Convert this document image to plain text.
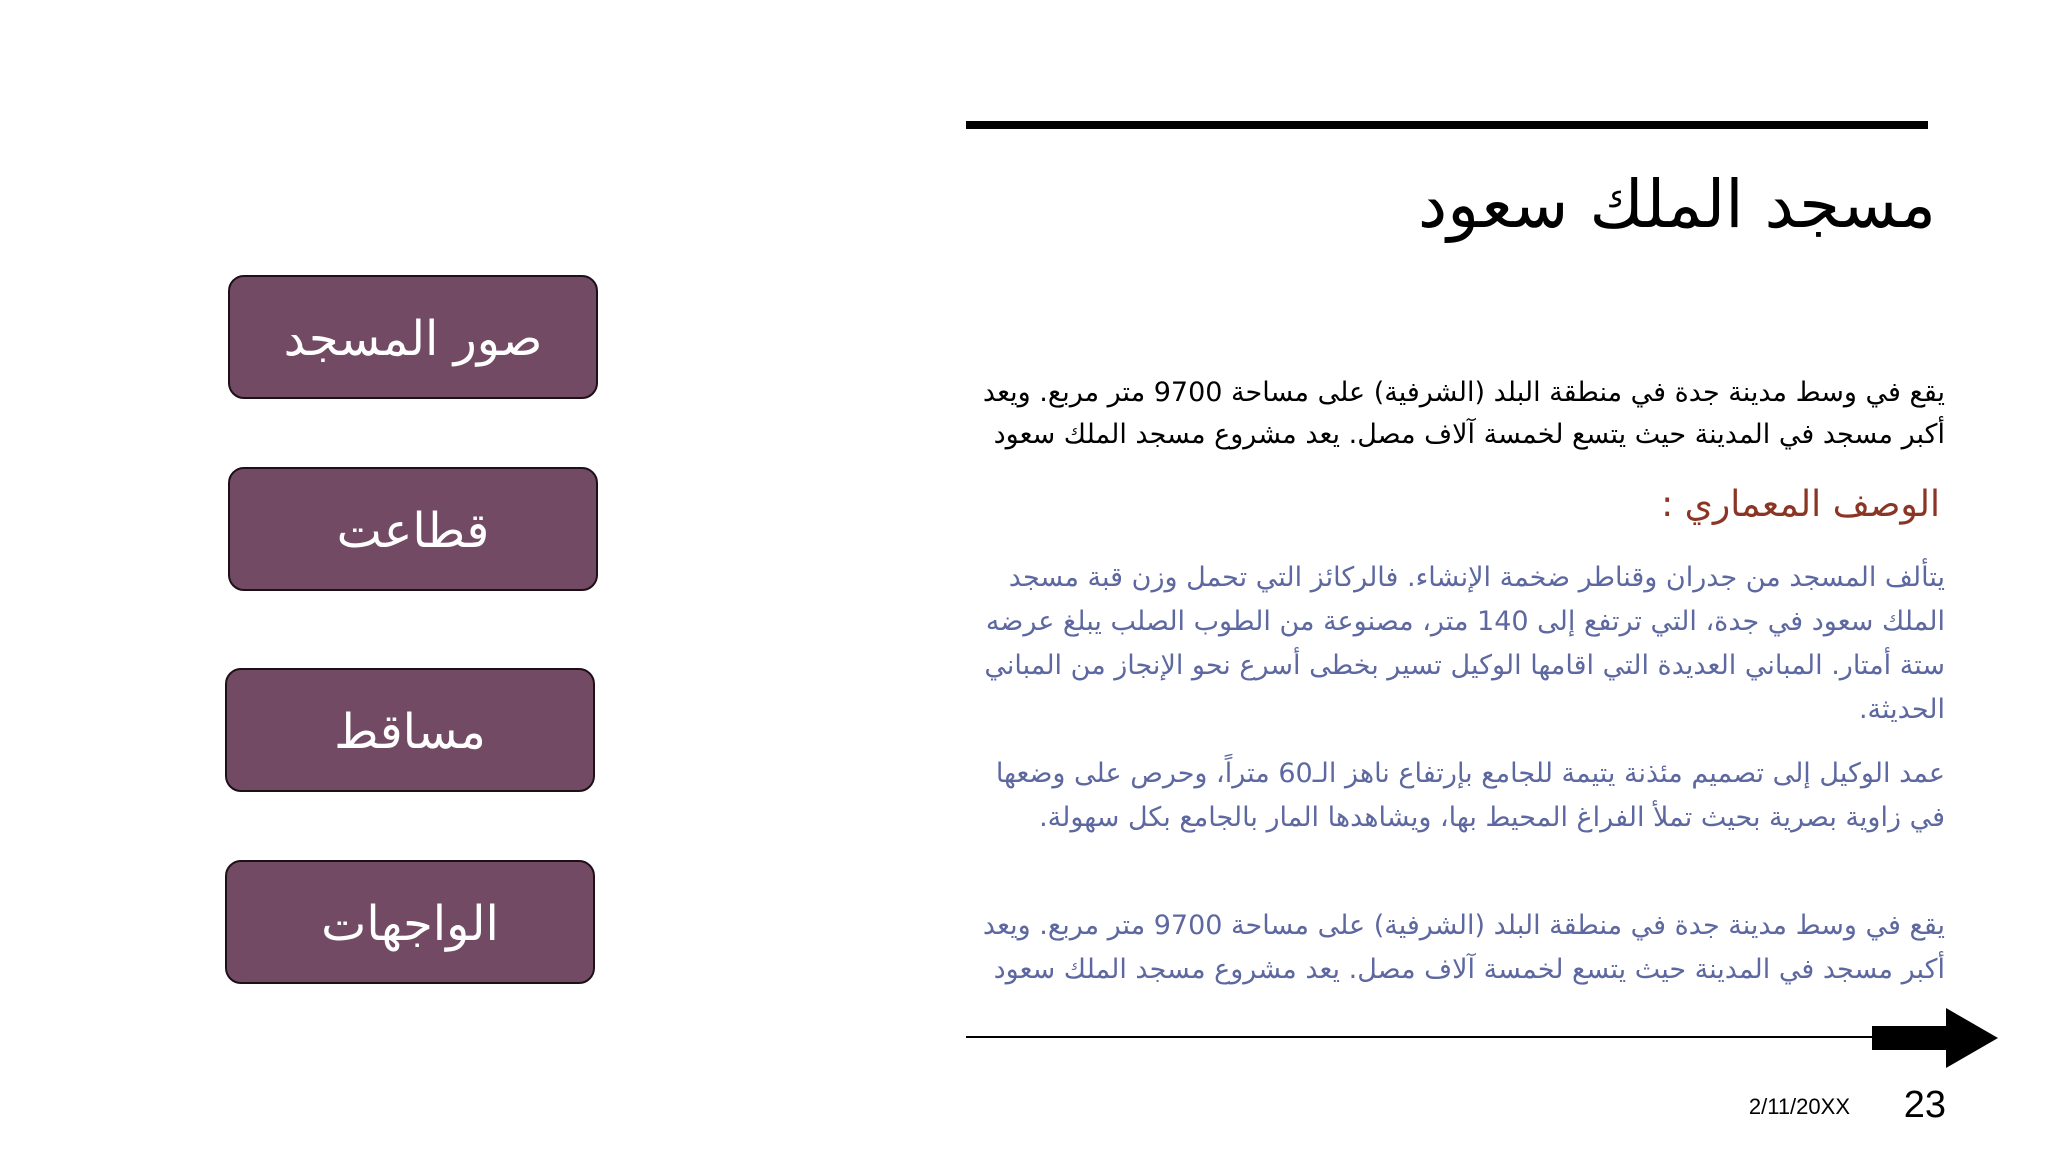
مسجد الملك سعود
صور المسجد
قطاعت
مساقط
الواجهات
يقع في وسط مدينة جدة في منطقة البلد (الشرفية) على مساحة 9700 متر مربع. ويعد أكبر مسجد في المدينة حيث يتسع لخمسة آلاف مصل. يعد مشروع مسجد الملك سعود
الوصف المعماري :
يتألف المسجد من جدران وقناطر ضخمة الإنشاء. فالركائز التي تحمل وزن قبة مسجد الملك سعود في جدة، التي ترتفع إلى 140 متر، مصنوعة من الطوب الصلب يبلغ عرضه ستة أمتار. المباني العديدة التي اقامها الوكيل تسير بخطى أسرع نحو الإنجاز من المباني الحديثة.
عمد الوكيل إلى تصميم مئذنة يتيمة للجامع بإرتفاع ناهز الـ60 متراً، وحرص على وضعها في زاوية بصرية بحيث تملأ الفراغ المحيط بها، ويشاهدها المار بالجامع بكل سهولة.
يقع في وسط مدينة جدة في منطقة البلد (الشرفية) على مساحة 9700 متر مربع. ويعد أكبر مسجد في المدينة حيث يتسع لخمسة آلاف مصل. يعد مشروع مسجد الملك سعود
2/11/20XX	23
